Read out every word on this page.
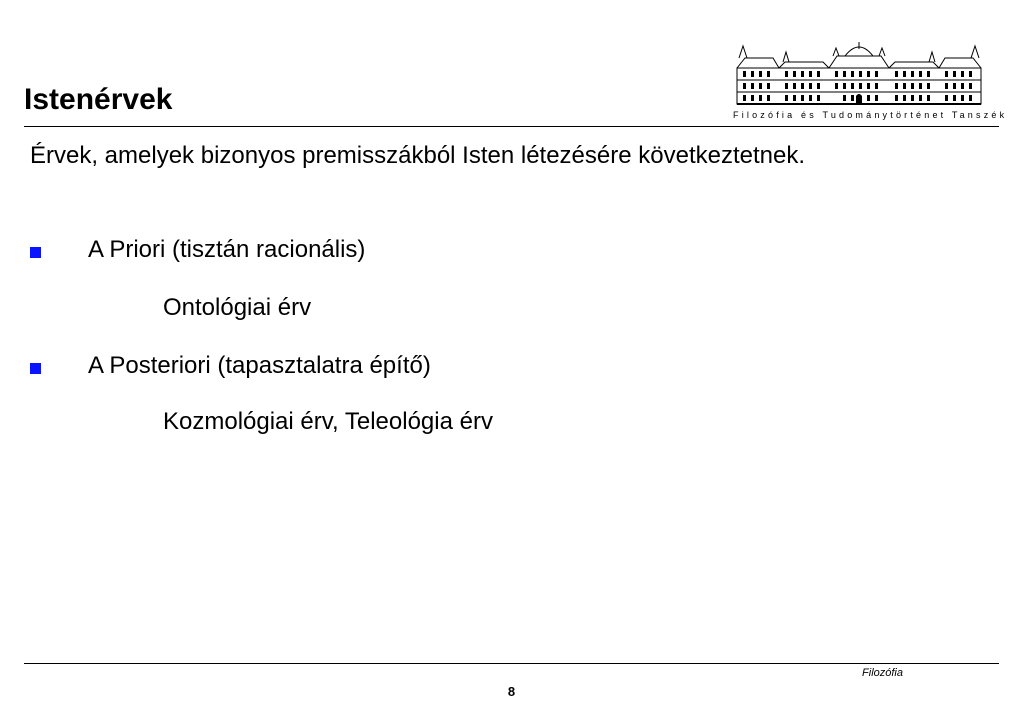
Istenérvek	Filozófia és Tudománytörténet Tanszék
Érvek, amelyek bizonyos premisszákból Isten létezésére következtetnek.
A Priori (tisztán racionális)
Ontológiai érv
A Posteriori (tapasztalatra építő)
Kozmológiai érv, Teleológia érv
Filozófia
8
